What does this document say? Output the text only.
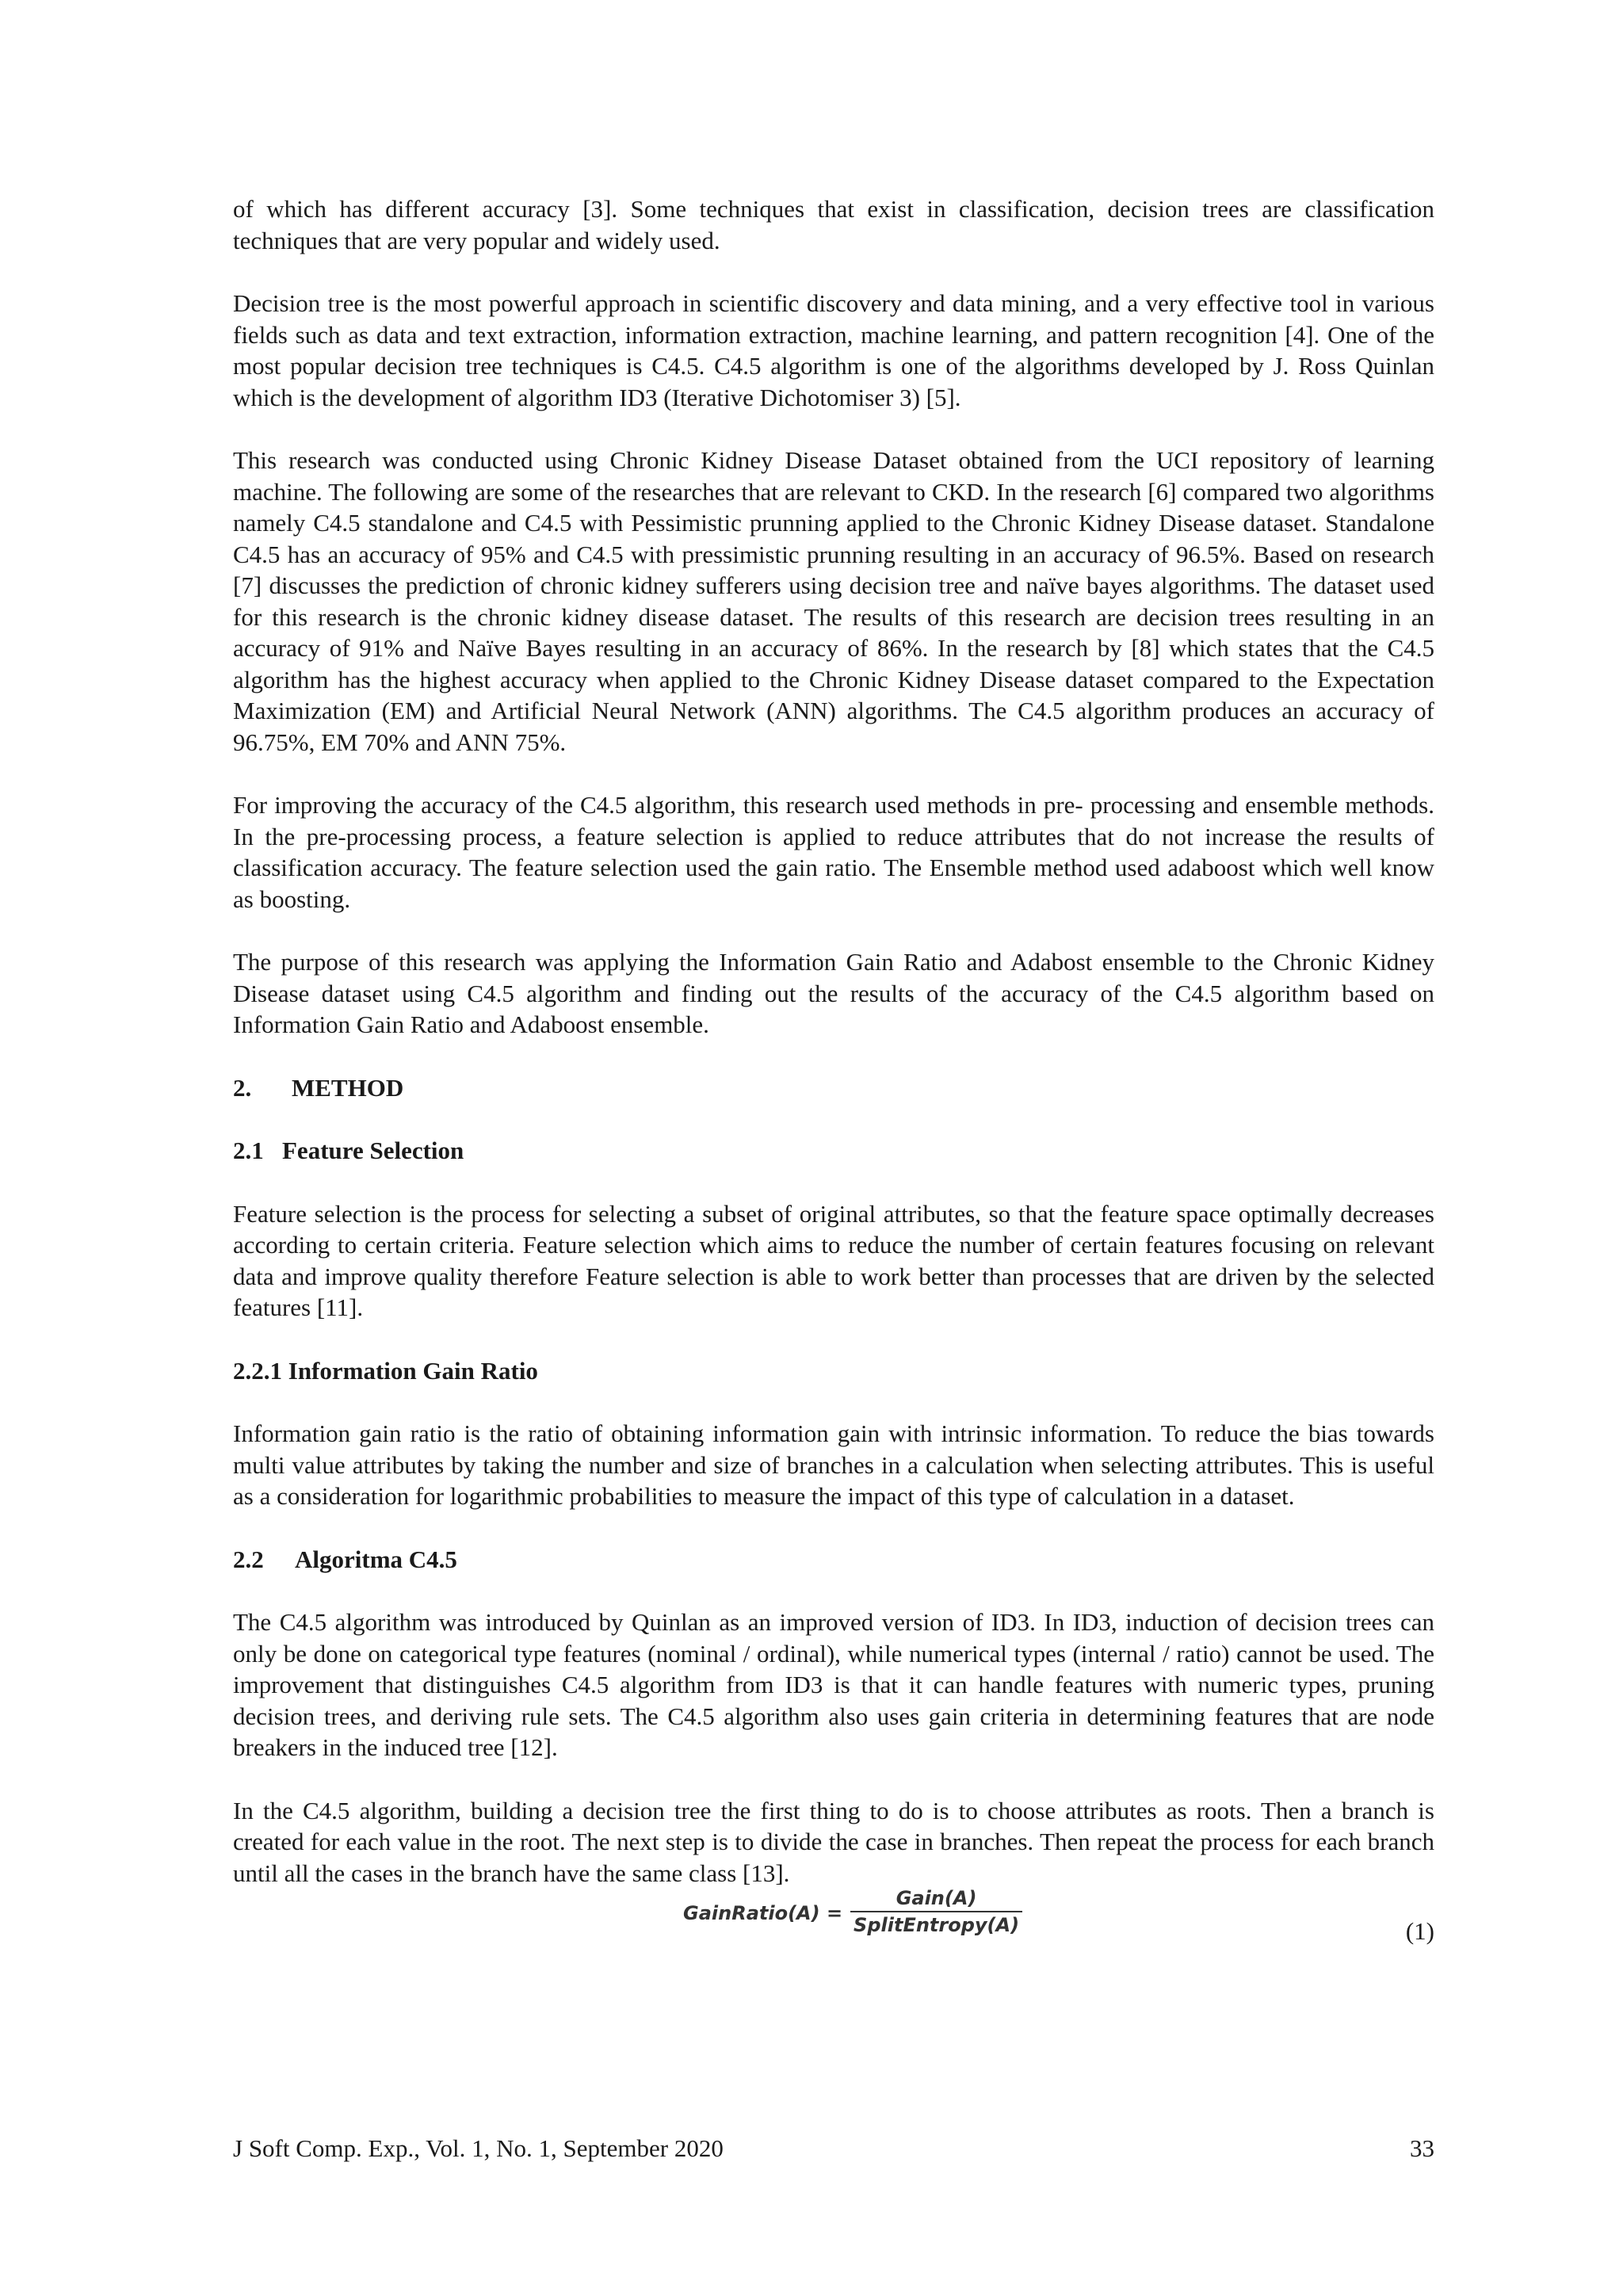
of which has different accuracy [3]. Some techniques that exist in classification, decision trees are classification techniques that are very popular and widely used.

Decision tree is the most powerful approach in scientific discovery and data mining, and a very effective tool in various fields such as data and text extraction, information extraction, machine learning, and pattern recognition [4]. One of the most popular decision tree techniques is C4.5. C4.5 algorithm is one of the algorithms developed by J. Ross Quinlan which is the development of algorithm ID3 (Iterative Dichotomiser 3) [5].

This research was conducted using Chronic Kidney Disease Dataset obtained from the UCI repository of learning machine. The following are some of the researches that are relevant to CKD. In the research [6] compared two algorithms namely C4.5 standalone and C4.5 with Pessimistic prunning applied to the Chronic Kidney Disease dataset. Standalone C4.5 has an accuracy of 95% and C4.5 with pressimistic prunning resulting in an accuracy of 96.5%. Based on research [7] discusses the prediction of chronic kidney sufferers using decision tree and naïve bayes algorithms. The dataset used for this research is the chronic kidney disease dataset. The results of this research are decision trees resulting in an accuracy of 91% and Naïve Bayes resulting in an accuracy of 86%. In the research by [8] which states that the C4.5 algorithm has the highest accuracy when applied to the Chronic Kidney Disease dataset compared to the Expectation Maximization (EM) and Artificial Neural Network (ANN) algorithms. The C4.5 algorithm produces an accuracy of 96.75%, EM 70% and ANN 75%.

For improving the accuracy of the C4.5 algorithm, this research used methods in pre- processing and ensemble methods. In the pre-processing process, a feature selection is applied to reduce attributes that do not increase the results of classification accuracy. The feature selection used the gain ratio. The Ensemble method used adaboost which well know as boosting.

The purpose of this research was applying the Information Gain Ratio and Adabost ensemble to the Chronic Kidney Disease dataset using C4.5 algorithm and finding out the results of the accuracy of the C4.5 algorithm based on Information Gain Ratio and Adaboost ensemble.

2. METHOD
2.1 Feature Selection

Feature selection is the process for selecting a subset of original attributes, so that the feature space optimally decreases according to certain criteria. Feature selection which aims to reduce the number of certain features focusing on relevant data and improve quality therefore Feature selection is able to work better than processes that are driven by the selected features [11].

2.2.1 Information Gain Ratio

Information gain ratio is the ratio of obtaining information gain with intrinsic information. To reduce the bias towards multi value attributes by taking the number and size of branches in a calculation when selecting attributes. This is useful as a consideration for logarithmic probabilities to measure the impact of this type of calculation in a dataset.

2.2 Algoritma C4.5

The C4.5 algorithm was introduced by Quinlan as an improved version of ID3. In ID3, induction of decision trees can only be done on categorical type features (nominal / ordinal), while numerical types (internal / ratio) cannot be used. The improvement that distinguishes C4.5 algorithm from ID3 is that it can handle features with numeric types, pruning decision trees, and deriving rule sets. The C4.5 algorithm also uses gain criteria in determining features that are node breakers in the induced tree [12].

In the C4.5 algorithm, building a decision tree the first thing to do is to choose attributes as roots. Then a branch is created for each value in the root. The next step is to divide the case in branches. Then repeat the process for each branch until all the cases in the branch have the same class [13].

GainRatio(A) = $\frac{\text{Gain(A)}}{\text{SplitEntropy(A)}}$	(1)
J Soft Comp. Exp., Vol. 1, No. 1, September 2020	33
